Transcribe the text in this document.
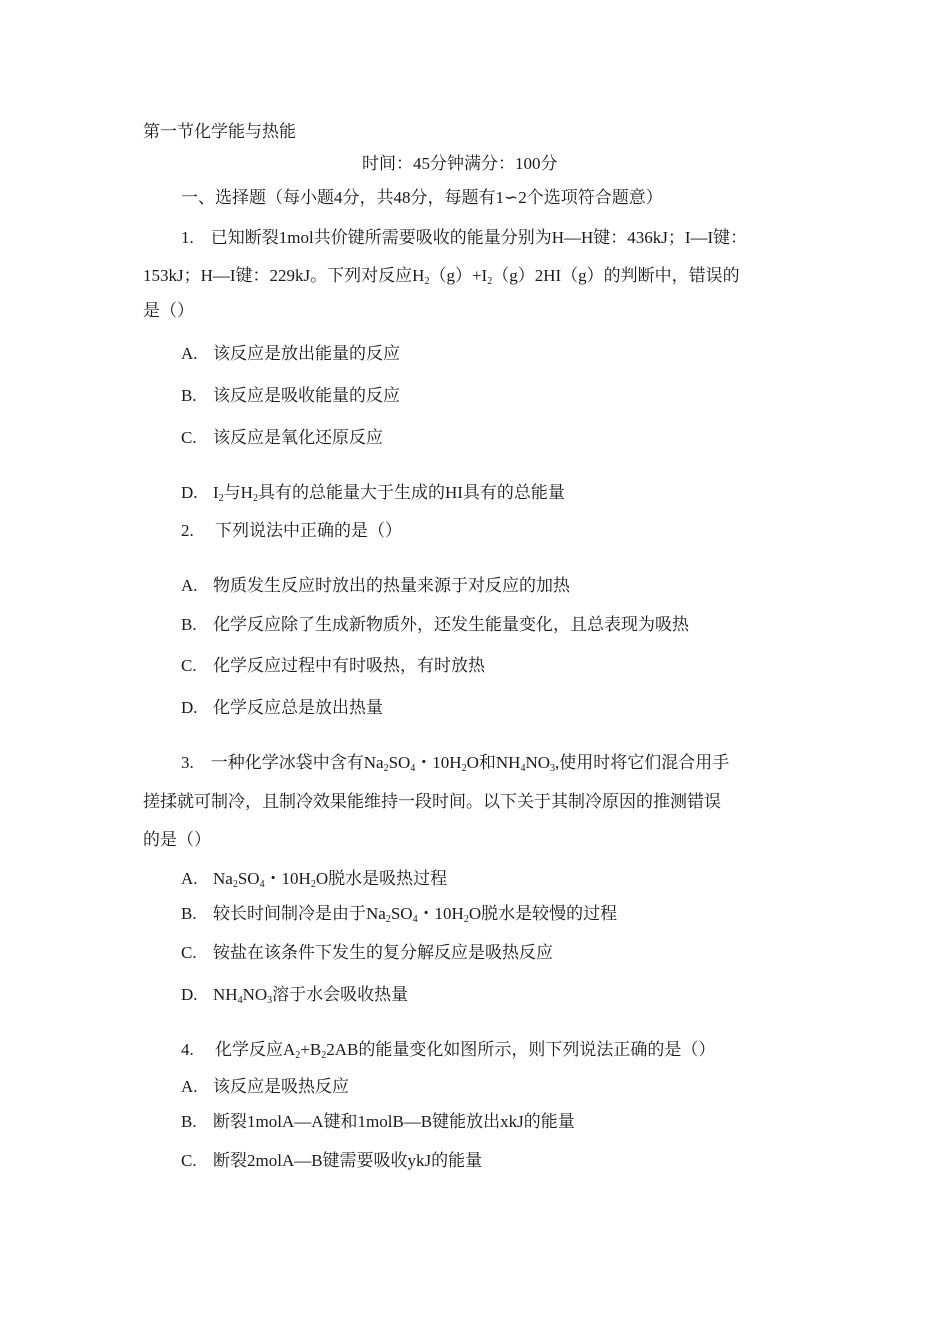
第一节化学能与热能
时间：45分钟满分：100分
一、选择题（每小题4分，共48分，每题有1∽2个选项符合题意）
1.　已知断裂1mol共价键所需要吸收的能量分别为H—H键：436kJ；I—I键：
153kJ；H—I键：229kJ。下列对反应$H_2(g)+I_2(g)2HI(g)$的判断中，错误的
是（）
A. 该反应是放出能量的反应
B. 该反应是吸收能量的反应
C. 该反应是氧化还原反应
D. $I_2$与$H_2$具有的总能量大于生成的HI具有的总能量
2.　 下列说法中正确的是（）
A. 物质发生反应时放出的热量来源于对反应的加热
B. 化学反应除了生成新物质外，还发生能量变化，且总表现为吸热
C. 化学反应过程中有时吸热，有时放热
D. 化学反应总是放出热量
3.　一种化学冰袋中含有$Na_2SO_4$・$10H_2O$和$NH_4NO_3$,使用时将它们混合用手
搓揉就可制冷，且制冷效果能维持一段时间。以下关于其制冷原因的推测错误
的是（）
A. $Na_2SO_4$・$10H_2O$脱水是吸热过程
B. 较长时间制冷是由于$Na_2SO_4$・$10H_2O$脱水是较慢的过程
C. 铵盐在该条件下发生的复分解反应是吸热反应
D. $NH_4NO_3$溶于水会吸收热量
4.　 化学反应$A_2+B_22AB$的能量变化如图所示，则下列说法正确的是（）
A. 该反应是吸热反应
B. 断裂1molA—A键和1molB—B键能放出xkJ的能量
C. 断裂2molA—B键需要吸收ykJ的能量
